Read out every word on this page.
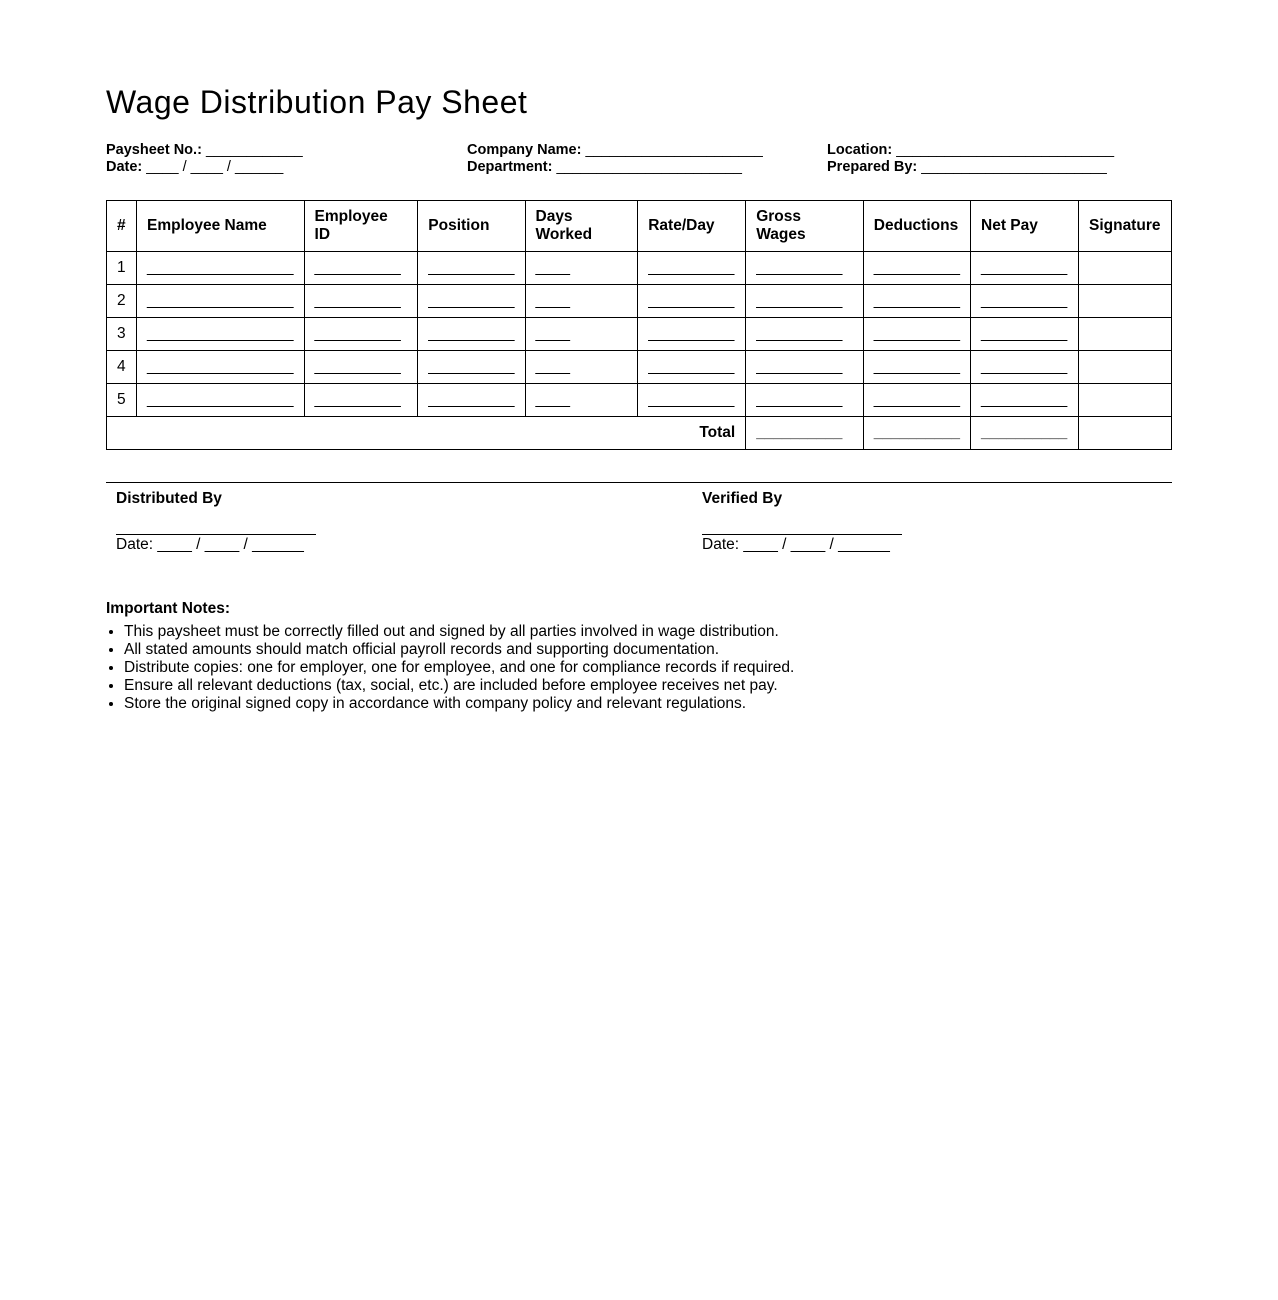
Wage Distribution Pay Sheet
Paysheet No.: ____________
Date: ____ / ____ / ______
Company Name: ______________________
Department: _______________________
Location: ___________________________
Prepared By: _______________________
#	Employee Name	Employee ID	Position	Days Worked	Rate/Day	Gross Wages	Deductions	Net Pay	Signature
1	_________________	__________	__________	____	__________	__________	__________	__________	
2	_________________	__________	__________	____	__________	__________	__________	__________	
3	_________________	__________	__________	____	__________	__________	__________	__________	
4	_________________	__________	__________	____	__________	__________	__________	__________	
5	_________________	__________	__________	____	__________	__________	__________	__________	
Total						__________	__________	__________	
Distributed By
Date: ____ / ____ / ______
Verified By
Date: ____ / ____ / ______
Important Notes:
• This paysheet must be correctly filled out and signed by all parties involved in wage distribution.
• All stated amounts should match official payroll records and supporting documentation.
• Distribute copies: one for employer, one for employee, and one for compliance records if required.
• Ensure all relevant deductions (tax, social, etc.) are included before employee receives net pay.
• Store the original signed copy in accordance with company policy and relevant regulations.
